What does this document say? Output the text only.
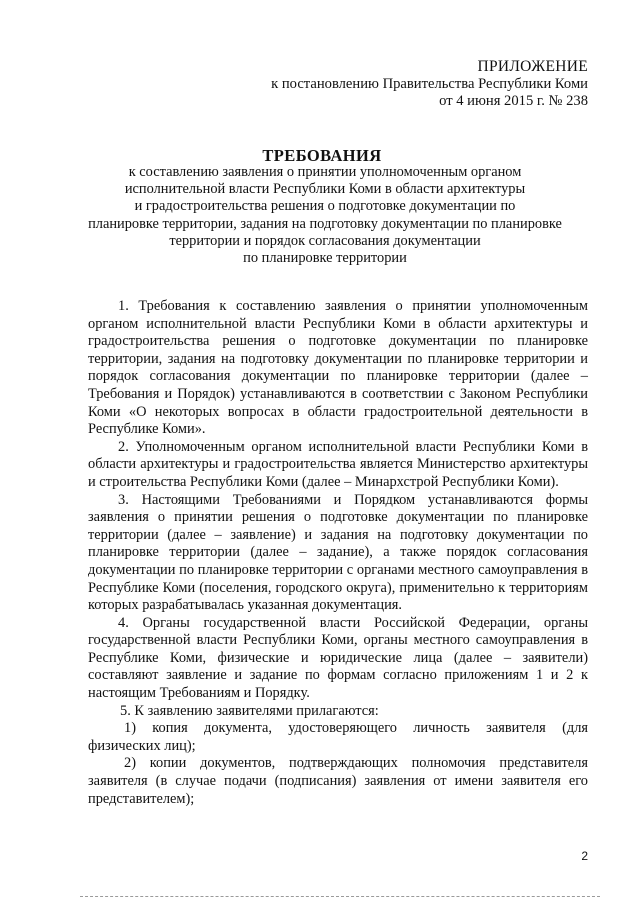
ПРИЛОЖЕНИЕ
к постановлению Правительства Республики Коми
от 4 июня 2015 г. № 238
ТРЕБОВАНИЯ
к составлению заявления о принятии уполномоченным органом
исполнительной власти Республики Коми в области архитектуры
и градостроительства решения о подготовке документации по
планировке территории, задания на подготовку документации по планировке
территории и порядок согласования документации
по планировке территории

1. Требования к составлению заявления о принятии уполномоченным органом исполнительной власти Республики Коми в области архитектуры и градостроительства решения о подготовке документации по планировке территории, задания на подготовку документации по планировке территории и порядок согласования документации по планировке территории (далее – Требования и Порядок) устанавливаются в соответствии с Законом Республики Коми «О некоторых вопросах в области градостроительной деятельности в Республике Коми».

2. Уполномоченным органом исполнительной власти Республики Коми в области архитектуры и градостроительства является Министерство архитектуры и строительства Республики Коми (далее – Минархстрой Республики Коми).

3. Настоящими Требованиями и Порядком устанавливаются формы заявления о принятии решения о подготовке документации по планировке территории (далее – заявление) и задания на подготовку документации по планировке территории (далее – задание), а также порядок согласования документации по планировке территории с органами местного самоуправления в Республике Коми (поселения, городского округа), применительно к территориям которых разрабатывалась указанная документация.

4. Органы государственной власти Российской Федерации, органы государственной власти Республики Коми, органы местного самоуправления в Республике Коми, физические и юридические лица (далее – заявители) составляют заявление и задание по формам согласно приложениям 1 и 2 к настоящим Требованиям и Порядку.

5. К заявлению заявителями прилагаются:

1) копия документа, удостоверяющего личность заявителя (для физических лиц);

2) копии документов, подтверждающих полномочия представителя заявителя (в случае подачи (подписания) заявления от имени заявителя его представителем);

2
